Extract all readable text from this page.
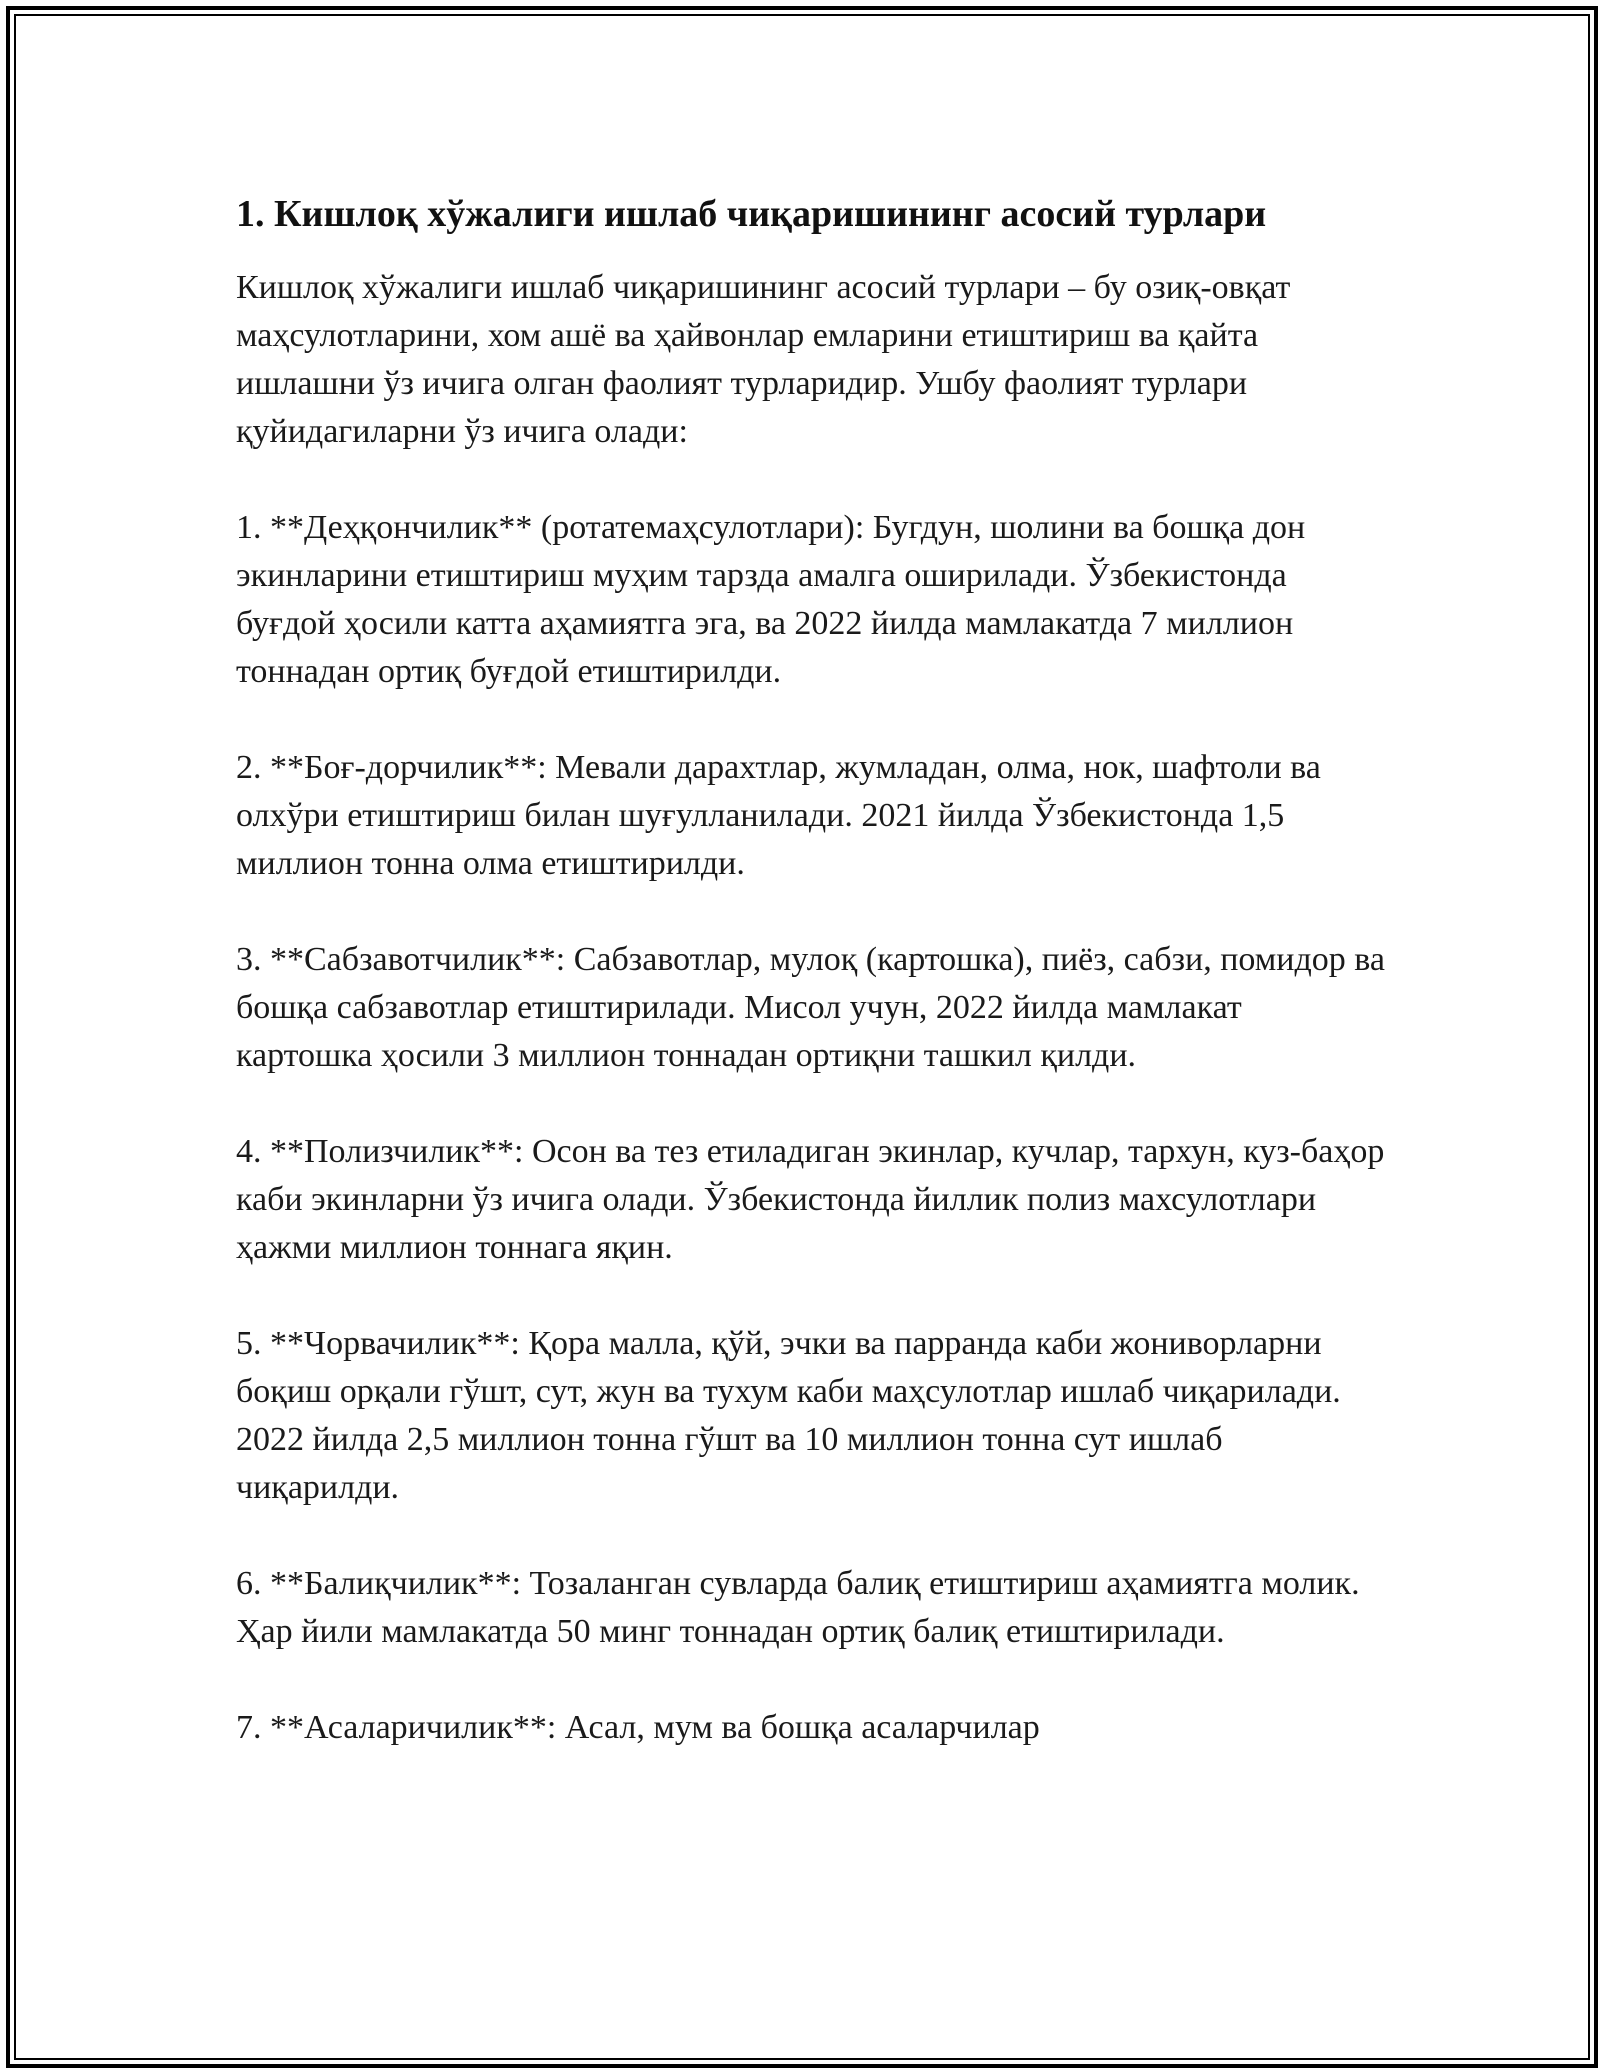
1. Кишлоқ хўжалиги ишлаб чиқаришининг асосий турлари

Кишлоқ хўжалиги ишлаб чиқаришининг асосий турлари – бу озиқ-овқат маҳсулотларини, хом ашё ва ҳайвонлар емларини етиштириш ва қайта ишлашни ўз ичига олган фаолият турларидир. Ушбу фаолият турлари қуйидагиларни ўз ичига олади:

1. **Деҳқончилик** (ротатемаҳсулотлари): Бугдун, шолини ва бошқа дон экинларини етиштириш муҳим тарзда амалга оширилади. Ўзбекистонда буғдой ҳосили катта аҳамиятга эга, ва 2022 йилда мамлакатда 7 миллион тоннадан ортиқ буғдой етиштирилди.

2. **Боғ-дорчилик**: Мевали дарахтлар, жумладан, олма, нок, шафтоли ва олхўри етиштириш билан шуғулланилади. 2021 йилда Ўзбекистонда 1,5 миллион тонна олма етиштирилди.

3. **Сабзавотчилик**: Сабзавотлар, мулоқ (картошка), пиёз, сабзи, помидор ва бошқа сабзавотлар етиштирилади. Мисол учун, 2022 йилда мамлакат картошка ҳосили 3 миллион тоннадан ортиқни ташкил қилди.

4. **Полизчилик**: Осон ва тез етиладиган экинлар, кучлар, тархун, куз-баҳор каби экинларни ўз ичига олади. Ўзбекистонда йиллик полиз махсулотлари ҳажми миллион тоннага яқин.

5. **Чорвачилик**: Қора малла, қўй, эчки ва парранда каби жониворларни боқиш орқали гўшт, сут, жун ва тухум каби маҳсулотлар ишлаб чиқарилади. 2022 йилда 2,5 миллион тонна гўшт ва 10 миллион тонна сут ишлаб чиқарилди.

6. **Балиқчилик**: Тозаланган сувларда балиқ етиштириш аҳамиятга молик. Ҳар йили мамлакатда 50 минг тоннадан ортиқ балиқ етиштирилади.

7. **Асаларичилик**: Асал, мум ва бошқа асаларчилар
